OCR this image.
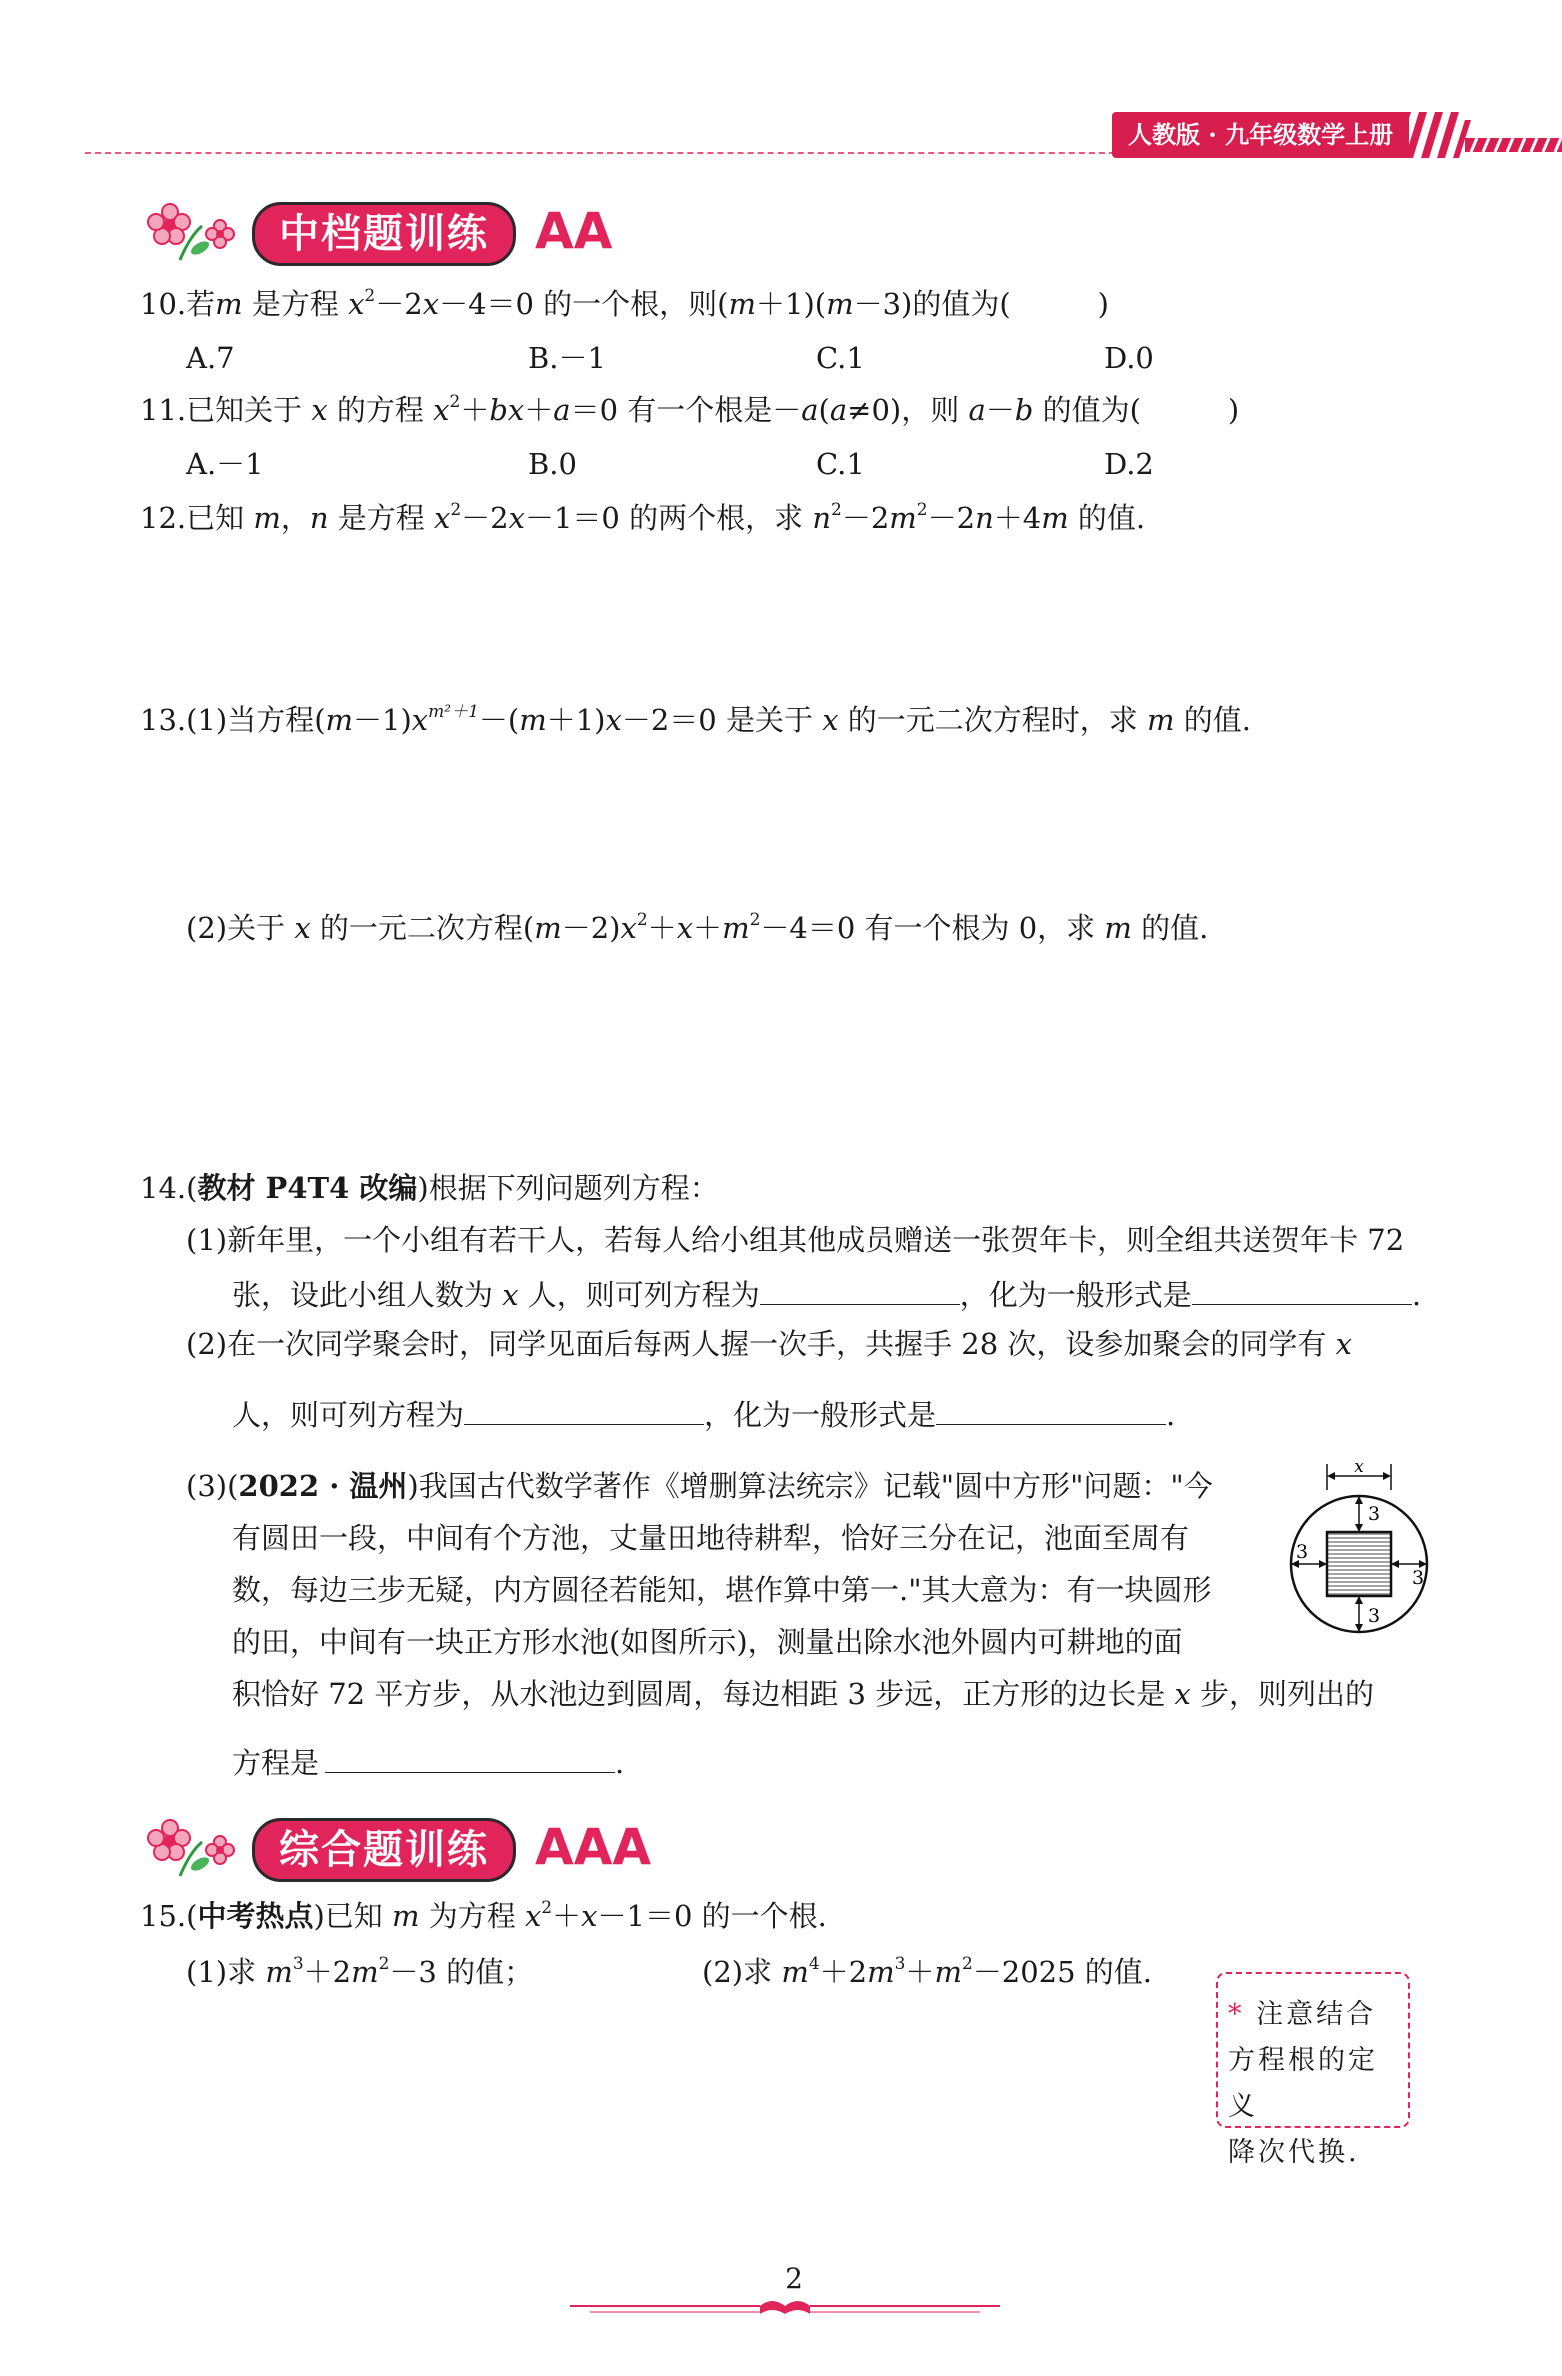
人教版 · 九年级数学上册
中档题训练 AA
10.若m 是方程 $x^2-2x-4=0$ 的一个根，则(m＋1)(m－3)的值为(　　　)
A.7	B.－1	C.1	D.0
11.已知关于 x 的方程 $x^2+bx+a=0$ 有一个根是－a(a≠0)，则 a－b 的值为(　　　)
A.－1	B.0	C.1	D.2
12.已知 m，n 是方程 $x^2-2x-1=0$ 的两个根，求 $n^2-2m^2-2n+4m$ 的值.
13.(1)当方程$(m-1)x^{m^2+1}-(m+1)x-2=0$ 是关于 x 的一元二次方程时，求 m 的值.
(2)关于 x 的一元二次方程$(m-2)x^2+x+m^2-4=0$ 有一个根为 0，求 m 的值.
14.(教材 P4T4 改编)根据下列问题列方程：
(1)新年里，一个小组有若干人，若每人给小组其他成员赠送一张贺年卡，则全组共送贺年卡 72
张，设此小组人数为 x 人，则可列方程为	，化为一般形式是	.
(2)在一次同学聚会时，同学见面后每两人握一次手，共握手 28 次，设参加聚会的同学有 x
人，则可列方程为	，化为一般形式是	.
(3)(2022 · 温州)我国古代数学著作《增删算法统宗》记载"圆中方形"问题："今
有圆田一段，中间有个方池，丈量田地待耕犁，恰好三分在记，池面至周有
数，每边三步无疑，内方圆径若能知，堪作算中第一."其大意为：有一块圆形
的田，中间有一块正方形水池(如图所示)，测量出除水池外圆内可耕地的面
积恰好 72 平方步，从水池边到圆周，每边相距 3 步远，正方形的边长是 x 步，则列出的
方程是	.
x
3
3
3
3
综合题训练 AAA
15.(中考热点)已知 m 为方程 $x^2+x-1=0$ 的一个根.
(1)求 $m^3+2m^2-3$ 的值；	(2)求 $m^4+2m^3+m^2-2025$ 的值.
* 注意结合
方程根的定义
降次代换.
2
